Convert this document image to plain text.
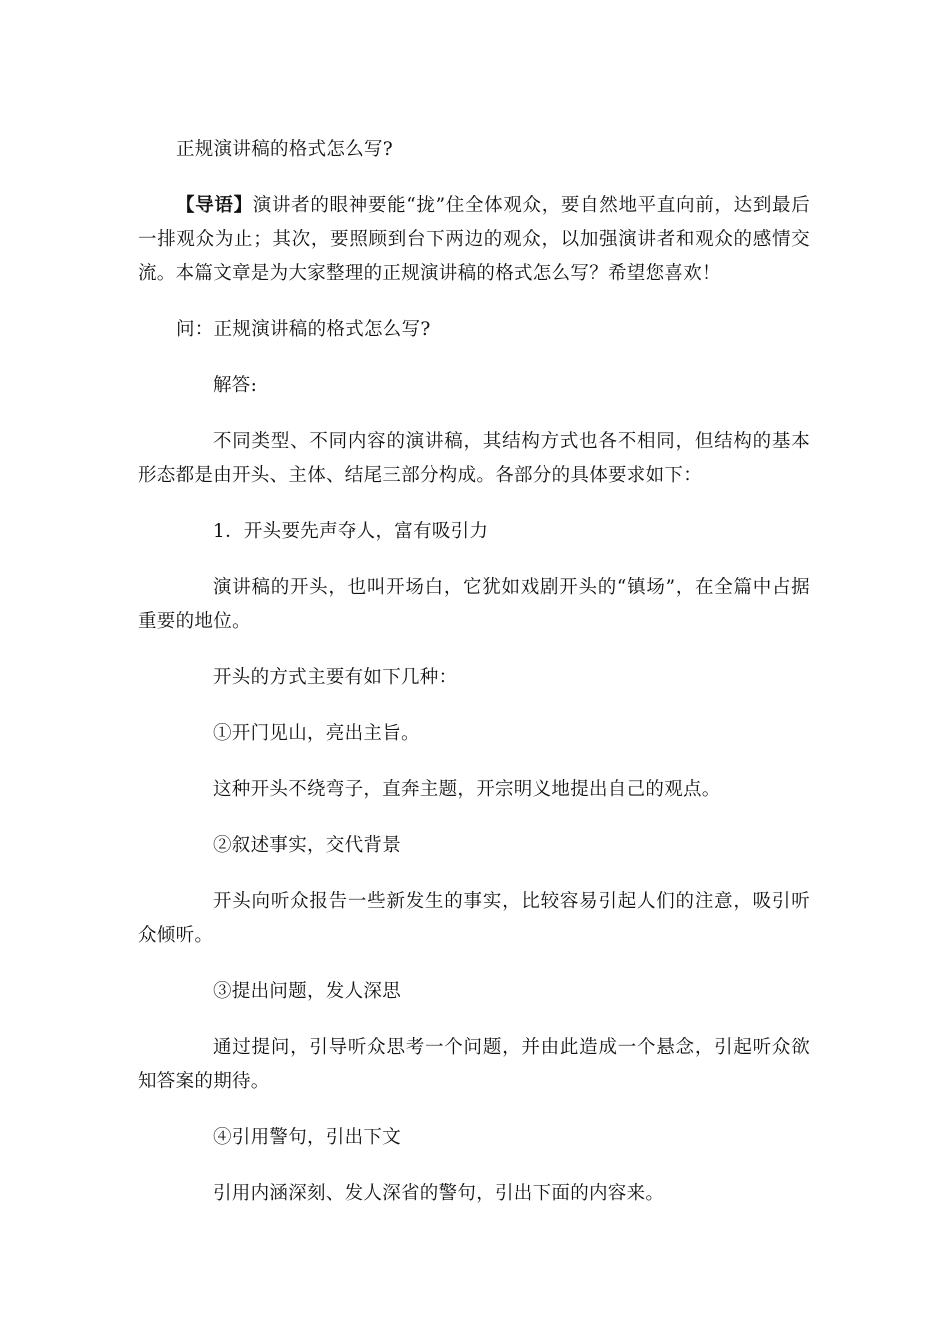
正规演讲稿的格式怎么写?

【导语】演讲者的眼神要能“拢”住全体观众，要自然地平直向前，达到最后一排观众为止；其次，要照顾到台下两边的观众，以加强演讲者和观众的感情交流。本篇文章是为大家整理的正规演讲稿的格式怎么写？希望您喜欢！

问：正规演讲稿的格式怎么写?

解答:

不同类型、不同内容的演讲稿，其结构方式也各不相同，但结构的基本形态都是由开头、主体、结尾三部分构成。各部分的具体要求如下：

1．开头要先声夺人，富有吸引力

演讲稿的开头，也叫开场白，它犹如戏剧开头的“镇场”，在全篇中占据重要的地位。

开头的方式主要有如下几种：

①开门见山，亮出主旨。

这种开头不绕弯子，直奔主题，开宗明义地提出自己的观点。

②叙述事实，交代背景

开头向听众报告一些新发生的事实，比较容易引起人们的注意，吸引听众倾听。

③提出问题，发人深思

通过提问，引导听众思考一个问题，并由此造成一个悬念，引起听众欲知答案的期待。

④引用警句，引出下文

引用内涵深刻、发人深省的警句，引出下面的内容来。
